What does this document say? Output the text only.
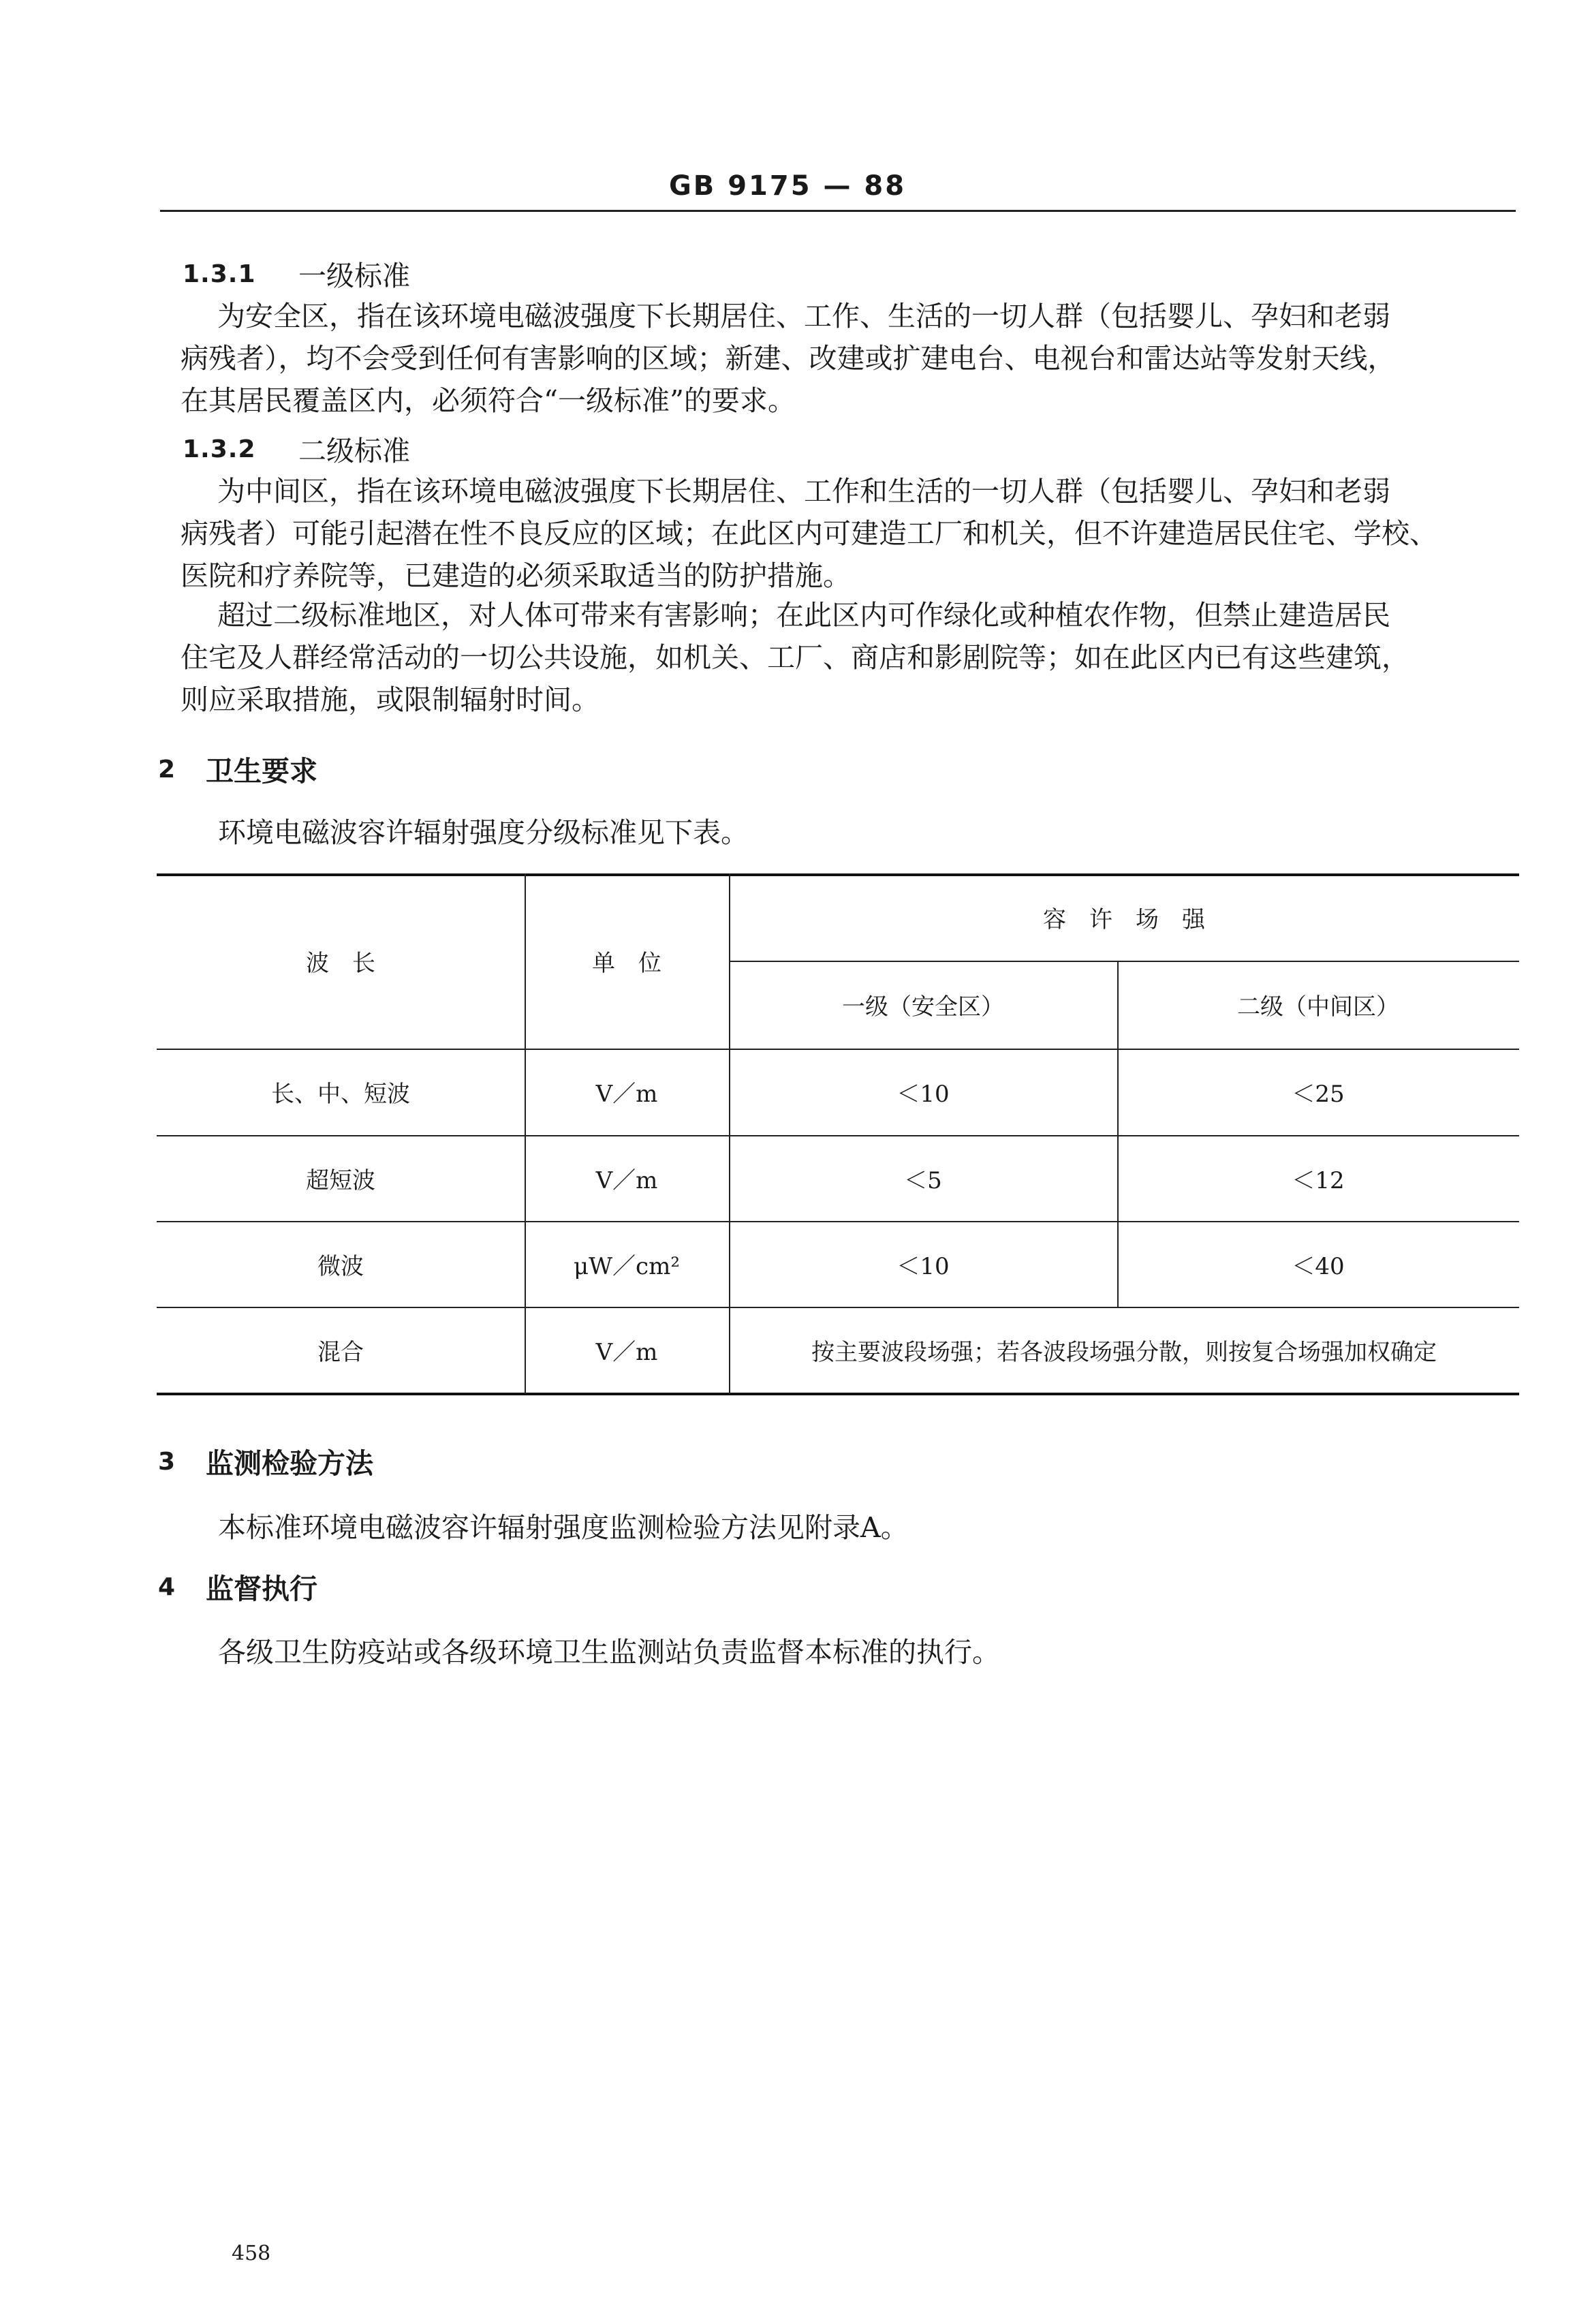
GB 9175 — 88
1.3.1 一级标准
为安全区，指在该环境电磁波强度下长期居住、工作、生活的一切人群（包括婴儿、孕妇和老弱
病残者），均不会受到任何有害影响的区域；新建、改建或扩建电台、电视台和雷达站等发射天线，
在其居民覆盖区内，必须符合“一级标准”的要求。
1.3.2 二级标准
为中间区，指在该环境电磁波强度下长期居住、工作和生活的一切人群（包括婴儿、孕妇和老弱
病残者）可能引起潜在性不良反应的区域；在此区内可建造工厂和机关，但不许建造居民住宅、学校、
医院和疗养院等，已建造的必须采取适当的防护措施。
超过二级标准地区，对人体可带来有害影响；在此区内可作绿化或种植农作物，但禁止建造居民
住宅及人群经常活动的一切公共设施，如机关、工厂、商店和影剧院等；如在此区内已有这些建筑，
则应采取措施，或限制辐射时间。
2 卫生要求
环境电磁波容许辐射强度分级标准见下表。
波　长	单　位
容　许　场　强
一级（安全区）	二级（中间区）
长、中、短波	V／m	＜10	＜25
超短波	V／m	＜5	＜12
微波	μW／cm²	＜10	＜40
混合	V／m	按主要波段场强；若各波段场强分散，则按复合场强加权确定
3 监测检验方法
本标准环境电磁波容许辐射强度监测检验方法见附录A。
4 监督执行
各级卫生防疫站或各级环境卫生监测站负责监督本标准的执行。
458
